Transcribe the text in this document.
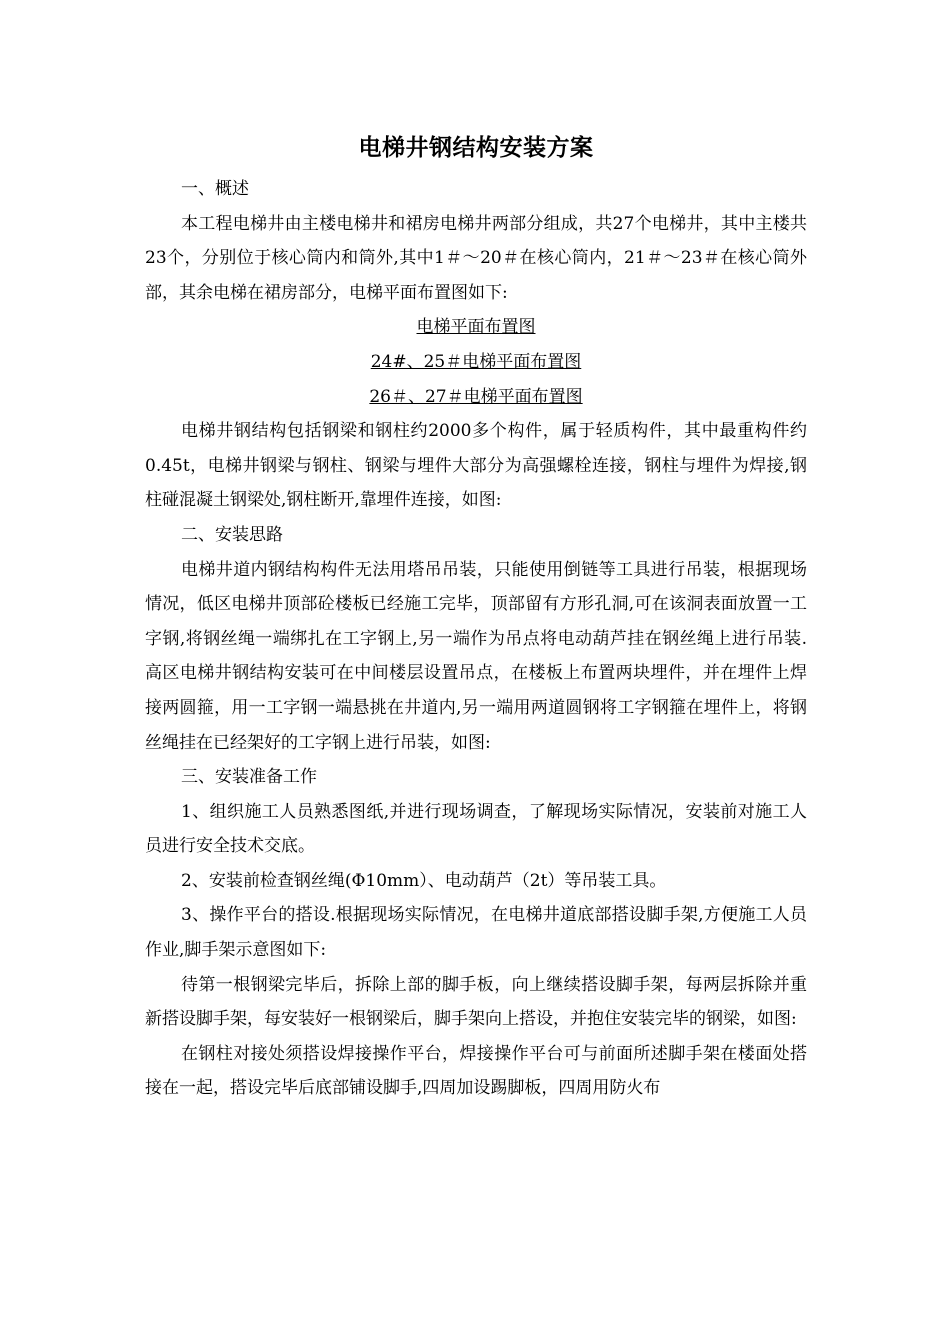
电梯井钢结构安装方案

一、概述

本工程电梯井由主楼电梯井和裙房电梯井两部分组成，共27个电梯井，其中主楼共23个，分别位于核心筒内和筒外,其中1＃～20＃在核心筒内，21＃～23＃在核心筒外部，其余电梯在裙房部分，电梯平面布置图如下:

电梯平面布置图

24#、25＃电梯平面布置图

26＃、27＃电梯平面布置图

电梯井钢结构包括钢梁和钢柱约2000多个构件，属于轻质构件，其中最重构件约0.45t，电梯井钢梁与钢柱、钢梁与埋件大部分为高强螺栓连接，钢柱与埋件为焊接,钢柱碰混凝土钢梁处,钢柱断开,靠埋件连接，如图:

二、安装思路

电梯井道内钢结构构件无法用塔吊吊装，只能使用倒链等工具进行吊装，根据现场情况，低区电梯井顶部砼楼板已经施工完毕，顶部留有方形孔洞,可在该洞表面放置一工字钢,将钢丝绳一端绑扎在工字钢上,另一端作为吊点将电动葫芦挂在钢丝绳上进行吊装.高区电梯井钢结构安装可在中间楼层设置吊点，在楼板上布置两块埋件，并在埋件上焊接两圆箍，用一工字钢一端悬挑在井道内,另一端用两道圆钢将工字钢箍在埋件上，将钢丝绳挂在已经架好的工字钢上进行吊装，如图:

三、安装准备工作

1、组织施工人员熟悉图纸,并进行现场调查，了解现场实际情况，安装前对施工人员进行安全技术交底。

2、安装前检查钢丝绳(Φ10mm）、电动葫芦（2t）等吊装工具。

3、操作平台的搭设.根据现场实际情况，在电梯井道底部搭设脚手架,方便施工人员作业,脚手架示意图如下:

待第一根钢梁完毕后，拆除上部的脚手板，向上继续搭设脚手架，每两层拆除并重新搭设脚手架，每安装好一根钢梁后，脚手架向上搭设，并抱住安装完毕的钢梁，如图:

在钢柱对接处须搭设焊接操作平台，焊接操作平台可与前面所述脚手架在楼面处搭接在一起，搭设完毕后底部铺设脚手,四周加设踢脚板，四周用防火布
